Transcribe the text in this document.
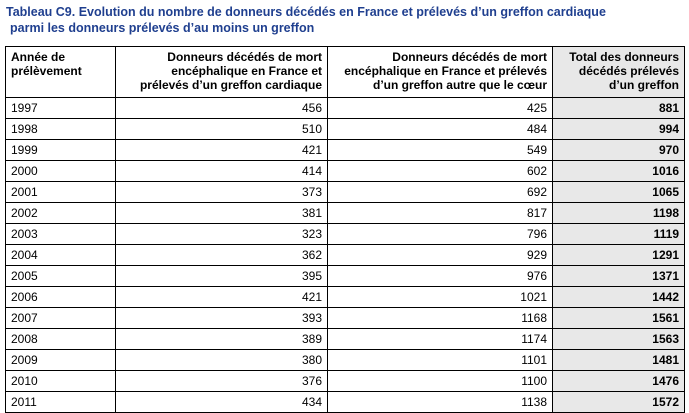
Tableau C9. Evolution du nombre de donneurs décédés en France et prélevés d’un greffon cardiaque
parmi les donneurs prélevés d’au moins un greffon
Année de prélèvement	Donneurs décédés de mort encéphalique en France et prélevés d’un greffon cardiaque	Donneurs décédés de mort encéphalique en France et prélevés d’un greffon autre que le cœur	Total des donneurs décédés prélevés d’un greffon
1997	456	425	881
1998	510	484	994
1999	421	549	970
2000	414	602	1016
2001	373	692	1065
2002	381	817	1198
2003	323	796	1119
2004	362	929	1291
2005	395	976	1371
2006	421	1021	1442
2007	393	1168	1561
2008	389	1174	1563
2009	380	1101	1481
2010	376	1100	1476
2011	434	1138	1572
